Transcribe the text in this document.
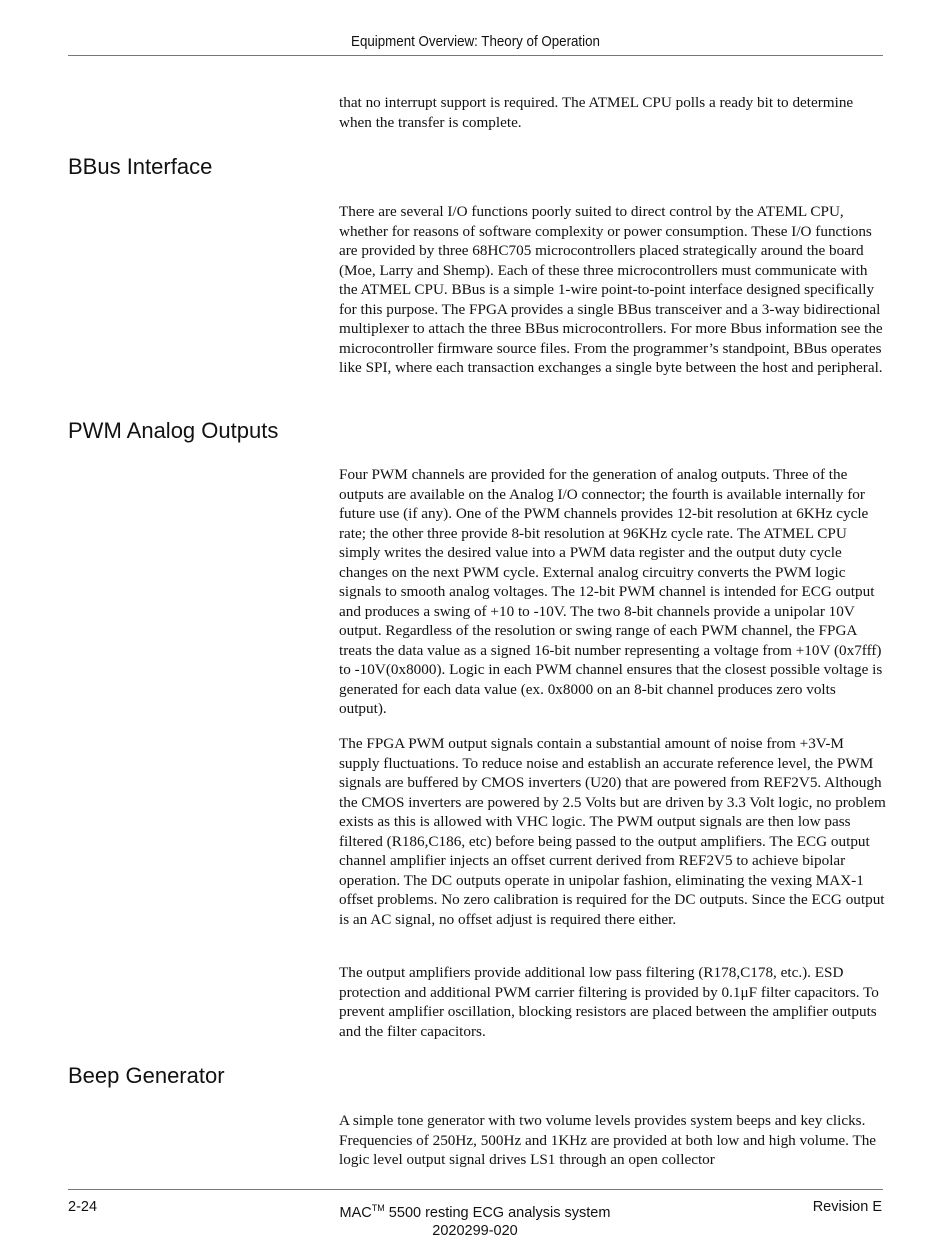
Equipment Overview: Theory of Operation

that no interrupt support is required. The ATMEL CPU polls a ready bit to determine when the transfer is complete.

BBus Interface

There are several I/O functions poorly suited to direct control by the ATEML CPU, whether for reasons of software complexity or power consumption. These I/O functions are provided by three 68HC705 microcontrollers placed strategically around the board (Moe, Larry and Shemp). Each of these three microcontrollers must communicate with the ATMEL CPU. BBus is a simple 1-wire point-to-point interface designed specifically for this purpose. The FPGA provides a single BBus transceiver and a 3-way bidirectional multiplexer to attach the three BBus microcontrollers. For more Bbus information see the microcontroller firmware source files. From the programmer’s standpoint, BBus operates like SPI, where each transaction exchanges a single byte between the host and peripheral.

PWM Analog Outputs

Four PWM channels are provided for the generation of analog outputs. Three of the outputs are available on the Analog I/O connector; the fourth is available internally for future use (if any). One of the PWM channels provides 12-bit resolution at 6KHz cycle rate; the other three provide 8-bit resolution at 96KHz cycle rate. The ATMEL CPU simply writes the desired value into a PWM data register and the output duty cycle changes on the next PWM cycle. External analog circuitry converts the PWM logic signals to smooth analog voltages. The 12-bit PWM channel is intended for ECG output and produces a swing of +10 to -10V. The two 8-bit channels provide a unipolar 10V output. Regardless of the resolution or swing range of each PWM channel, the FPGA treats the data value as a signed 16-bit number representing a voltage from +10V (0x7fff) to -10V(0x8000). Logic in each PWM channel ensures that the closest possible voltage is generated for each data value (ex. 0x8000 on an 8-bit channel produces zero volts output).

The FPGA PWM output signals contain a substantial amount of noise from +3V-M supply fluctuations. To reduce noise and establish an accurate reference level, the PWM signals are buffered by CMOS inverters (U20) that are powered from REF2V5. Although the CMOS inverters are powered by 2.5 Volts but are driven by 3.3 Volt logic, no problem exists as this is allowed with VHC logic. The PWM output signals are then low pass filtered (R186,C186, etc) before being passed to the output amplifiers. The ECG output channel amplifier injects an offset current derived from REF2V5 to achieve bipolar operation. The DC outputs operate in unipolar fashion, eliminating the vexing MAX-1 offset problems. No zero calibration is required for the DC outputs. Since the ECG output is an AC signal, no offset adjust is required there either.

The output amplifiers provide additional low pass filtering (R178,C178, etc.). ESD protection and additional PWM carrier filtering is provided by 0.1μF filter capacitors. To prevent amplifier oscillation, blocking resistors are placed between the amplifier outputs and the filter capacitors.

Beep Generator

A simple tone generator with two volume levels provides system beeps and key clicks. Frequencies of 250Hz, 500Hz and 1KHz are provided at both low and high volume. The logic level output signal drives LS1 through an open collector

2-24	MAC™ 5500 resting ECG analysis system
2020299-020
Revision E
